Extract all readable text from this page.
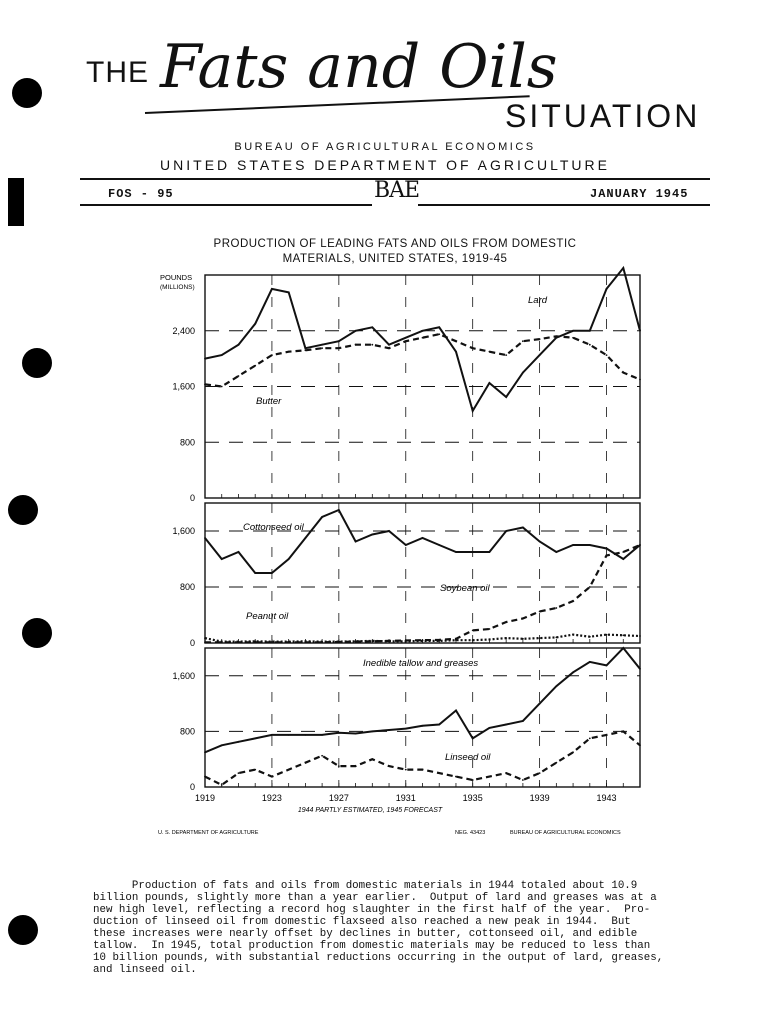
THE Fats and Oils
SITUATION
BUREAU OF AGRICULTURAL ECONOMICS
UNITED STATES DEPARTMENT OF AGRICULTURE
FOS - 95	BAE	JANUARY 1945
PRODUCTION OF LEADING FATS AND OILS FROM DOMESTIC
MATERIALS, UNITED STATES, 1919-45
POUNDS
(MILLIONS)
0
800
1,600
2,400
0
800
1,600
0
800
1,600
1919	1923	1927	1931	1935	1939	1943
1944 PARTLY ESTIMATED, 1945 FORECAST
U. S. DEPARTMENT OF AGRICULTURE	NEG. 43423	BUREAU OF AGRICULTURAL ECONOMICS
Lard
Butter
Cottonseed oil
Soybean oil
Peanut oil
Inedible tallow and greases
Linseed oil
Production of fats and oils from domestic materials in 1944 totaled about 10.9
billion pounds, slightly more than a year earlier.  Output of lard and greases was at a
new high level, reflecting a record hog slaughter in the first half of the year.  Pro-
duction of linseed oil from domestic flaxseed also reached a new peak in 1944.  But
these increases were nearly offset by declines in butter, cottonseed oil, and edible
tallow.  In 1945, total production from domestic materials may be reduced to less than
10 billion pounds, with substantial reductions occurring in the output of lard, greases,
and linseed oil.
